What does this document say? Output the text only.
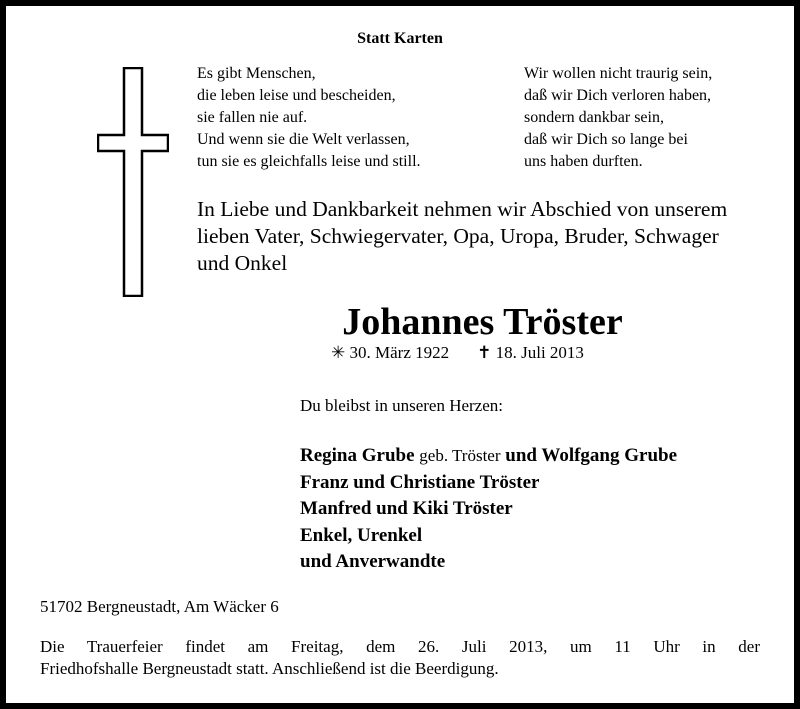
Statt Karten
Es gibt Menschen,
die leben leise und bescheiden,
sie fallen nie auf.
Und wenn sie die Welt verlassen,
tun sie es gleichfalls leise und still.
Wir wollen nicht traurig sein,
daß wir Dich verloren haben,
sondern dankbar sein,
daß wir Dich so lange bei
uns haben durften.
In Liebe und Dankbarkeit nehmen wir Abschied von unserem
lieben Vater, Schwiegervater, Opa, Uropa, Bruder, Schwager
und Onkel
Johannes Tröster
✳ 30. März 1922 ✝ 18. Juli 2013
Du bleibst in unseren Herzen:
Regina Grube geb. Tröster und Wolfgang Grube
Franz und Christiane Tröster
Manfred und Kiki Tröster
Enkel, Urenkel
und Anverwandte
51702 Bergneustadt, Am Wäcker 6
Die Trauerfeier findet am Freitag, dem 26. Juli 2013, um 11 Uhr in der
Friedhofshalle Bergneustadt statt. Anschließend ist die Beerdigung.
